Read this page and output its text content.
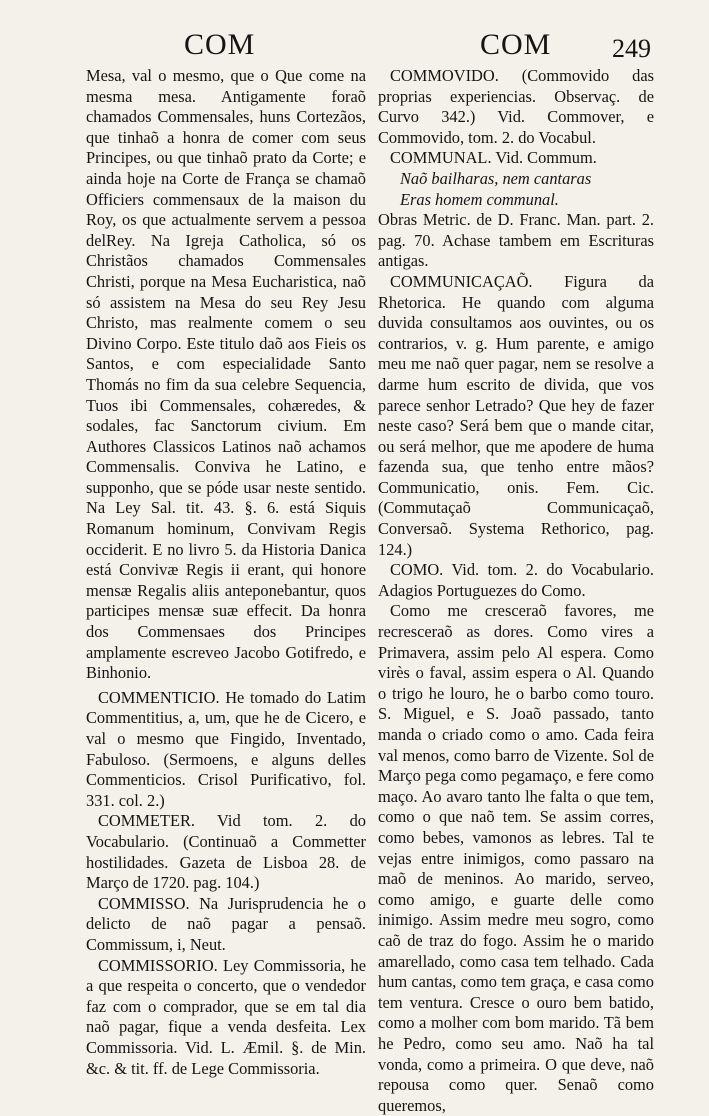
COM	COM 249

Mesa, val o mesmo, que o Que come na mesma mesa. Antigamente foraõ chamados Commensales, huns Cortezãos, que tinhaõ a honra de comer com seus Principes, ou que tinhaõ prato da Corte; e ainda hoje na Corte de França se chamaõ Officiers commensaux de la maison du Roy, os que actualmente servem a pessoa delRey. Na Igreja Catholica, só os Christãos chamados Commensales Christi, porque na Mesa Eucharistica, naõ só assistem na Mesa do seu Rey Jesu Christo, mas realmente comem o seu Divino Corpo. Este titulo daõ aos Fieis os Santos, e com especialidade Santo Thomás no fim da sua celebre Sequencia, Tuos ibi Commensales, cohæredes, & sodales, fac Sanctorum civium. Em Authores Classicos Latinos naõ achamos Commensalis. Conviva he Latino, e supponho, que se póde usar neste sentido. Na Ley Sal. tit. 43. §. 6. está Siquis Romanum hominum, Convivam Regis occiderit. E no livro 5. da Historia Danica está Convivæ Regis ii erant, qui honore mensæ Regalis aliis anteponebantur, quos participes mensæ suæ effecit. Da honra dos Commensaes dos Principes amplamente escreveo Jacobo Gotifredo, e Binhonio.

COMMENTICIO. He tomado do Latim Commentitius, a, um, que he de Cicero, e val o mesmo que Fingido, Inventado, Fabuloso. (Sermoens, e alguns delles Commenticios. Crisol Purificativo, fol. 331. col. 2.)

COMMETER. Vid tom. 2. do Vocabulario. (Continuaõ a Commetter hostilidades. Gazeta de Lisboa 28. de Março de 1720. pag. 104.)

COMMISSO. Na Jurisprudencia he o delicto de naõ pagar a pensaõ. Commissum, i, Neut.

COMMISSORIO. Ley Commissoria, he a que respeita o concerto, que o vendedor faz com o comprador, que se em tal dia naõ pagar, fique a venda desfeita. Lex Commissoria. Vid. L. Æmil. §. de Min. &c. & tit. ff. de Lege Commissoria.

COMMOVIDO. (Commovido das proprias experiencias. Observaç. de Curvo 342.) Vid. Commover, e Commovido, tom. 2. do Vocabul.

COMMUNAL. Vid. Commum.

Naõ bailharas, nem cantaras

Eras homem communal.

Obras Metric. de D. Franc. Man. part. 2. pag. 70. Achase tambem em Escrituras antigas.

COMMUNICAÇAÕ. Figura da Rhetorica. He quando com alguma duvida consultamos aos ouvintes, ou os contrarios, v. g. Hum parente, e amigo meu me naõ quer pagar, nem se resolve a darme hum escrito de divida, que vos parece senhor Letrado? Que hey de fazer neste caso? Será bem que o mande citar, ou será melhor, que me apodere de huma fazenda sua, que tenho entre mãos? Communicatio, onis. Fem. Cic. (Commutaçaõ Communicaçaõ, Conversaõ. Systema Rethorico, pag. 124.)

COMO. Vid. tom. 2. do Vocabulario. Adagios Portuguezes do Como.

Como me cresceraõ favores, me recresceraõ as dores. Como vires a Primavera, assim pelo Al espera. Como virès o faval, assim espera o Al. Quando o trigo he louro, he o barbo como touro. S. Miguel, e S. Joaõ passado, tanto manda o criado como o amo. Cada feira val menos, como barro de Vizente. Sol de Março pega como pegamaço, e fere como maço. Ao avaro tanto lhe falta o que tem, como o que naõ tem. Se assim corres, como bebes, vamonos as lebres. Tal te vejas entre inimigos, como passaro na maõ de meninos. Ao marido, serveo, como amigo, e guarte delle como inimigo. Assim medre meu sogro, como caõ de traz do fogo. Assim he o marido amarellado, como casa tem telhado. Cada hum cantas, como tem graça, e casa como tem ventura. Cresce o ouro bem batido, como a molher com bom marido. Tã bem he Pedro, como seu amo. Naõ ha tal vonda, como a primeira. O que deve, naõ repousa como quer. Senaõ como queremos,
